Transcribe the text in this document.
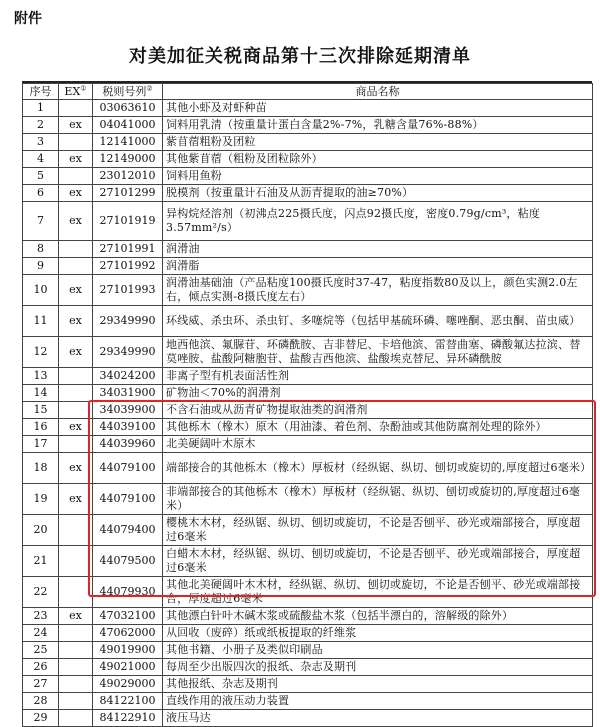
附件
对美加征关税商品第十三次排除延期清单
序号	EX①	税则号列②	商品名称
1		03063610	其他小虾及对虾种苗
2	ex	04041000	饲料用乳清（按重量计蛋白含量2%-7%，乳糖含量76%-88%）
3		12141000	紫苜蓿粗粉及团粒
4	ex	12149000	其他紫苜蓿（粗粉及团粒除外）
5		23012010	饲料用鱼粉
6	ex	27101299	脱模剂（按重量计石油及从沥青提取的油≥70%）
7	ex	27101919	异构烷烃溶剂（初沸点225摄氏度，闪点92摄氏度，密度0.79g/cm³，粘度3.57mm²/s）
8		27101991	润滑油
9		27101992	润滑脂
10	ex	27101993	润滑油基础油（产品粘度100摄氏度时37-47，粘度指数80及以上，颜色实测2.0左右，倾点实测-8摄氏度左右）
11	ex	29349990	环线威、杀虫环、杀虫钉、多噻烷等（包括甲基硫环磷、噻唑酮、恶虫酮、苗虫威）
12	ex	29349990	地西他滨、氟脲苷、环磷酰胺、吉非替尼、卡培他滨、雷替曲塞、磷酸氟达拉滨、替莫唑胺、盐酸阿糖胞苷、盐酸吉西他滨、盐酸埃克替尼、异环磷酰胺
13		34024200	非离子型有机表面活性剂
14		34031900	矿物油＜70%的润滑剂
15		34039900	不含石油或从沥青矿物提取油类的润滑剂
16	ex	44039100	其他栎木（橡木）原木（用油漆、着色剂、杂酚油或其他防腐剂处理的除外）
17		44039960	北美硬阔叶木原木
18	ex	44079100	端部接合的其他栎木（橡木）厚板材（经纵锯、纵切、刨切或旋切的,厚度超过6毫米）
19	ex	44079100	非端部接合的其他栎木（橡木）厚板材（经纵锯、纵切、刨切或旋切的,厚度超过6毫米）
20		44079400	樱桃木木材，经纵锯、纵切、刨切或旋切，不论是否刨平、砂光或端部接合，厚度超过6毫米
21		44079500	白蜡木木材，经纵锯、纵切、刨切或旋切，不论是否刨平、砂光或端部接合，厚度超过6毫米
22		44079930	其他北美硬阔叶木木材，经纵锯、纵切、刨切或旋切，不论是否刨平、砂光或端部接合，厚度超过6毫米
23	ex	47032100	其他漂白针叶木碱木浆或硫酸盐木浆（包括半漂白的，溶解级的除外）
24		47062000	从回收（废碎）纸或纸板提取的纤维浆
25		49019900	其他书籍、小册子及类似印刷品
26		49021000	每周至少出版四次的报纸、杂志及期刊
27		49029000	其他报纸、杂志及期刊
28		84122100	直线作用的液压动力装置
29		84122910	液压马达
